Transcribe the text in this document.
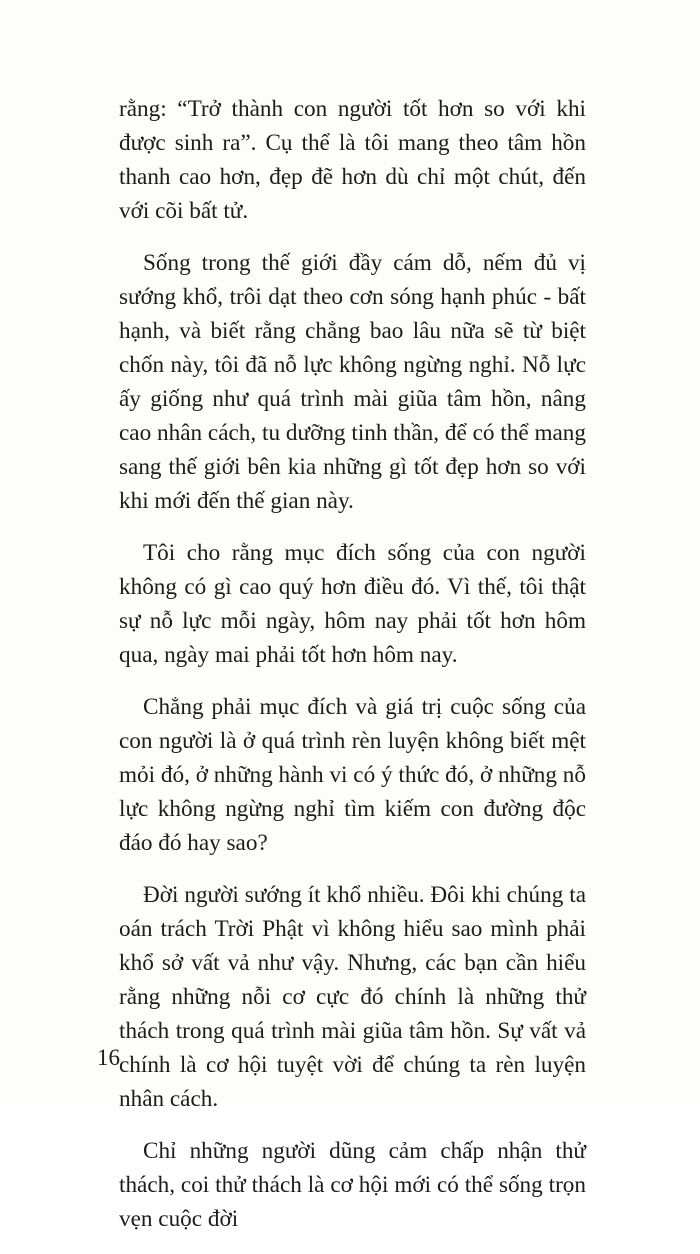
rằng: “Trở thành con người tốt hơn so với khi được sinh ra”. Cụ thể là tôi mang theo tâm hồn thanh cao hơn, đẹp đẽ hơn dù chỉ một chút, đến với cõi bất tử.

Sống trong thế giới đầy cám dỗ, nếm đủ vị sướng khổ, trôi dạt theo cơn sóng hạnh phúc - bất hạnh, và biết rằng chẳng bao lâu nữa sẽ từ biệt chốn này, tôi đã nỗ lực không ngừng nghỉ. Nỗ lực ấy giống như quá trình mài giũa tâm hồn, nâng cao nhân cách, tu dưỡng tinh thần, để có thể mang sang thế giới bên kia những gì tốt đẹp hơn so với khi mới đến thế gian này.

Tôi cho rằng mục đích sống của con người không có gì cao quý hơn điều đó. Vì thế, tôi thật sự nỗ lực mỗi ngày, hôm nay phải tốt hơn hôm qua, ngày mai phải tốt hơn hôm nay.

Chẳng phải mục đích và giá trị cuộc sống của con người là ở quá trình rèn luyện không biết mệt mỏi đó, ở những hành vi có ý thức đó, ở những nỗ lực không ngừng nghỉ tìm kiếm con đường độc đáo đó hay sao?

Đời người sướng ít khổ nhiều. Đôi khi chúng ta oán trách Trời Phật vì không hiểu sao mình phải khổ sở vất vả như vậy. Nhưng, các bạn cần hiểu rằng những nỗi cơ cực đó chính là những thử thách trong quá trình mài giũa tâm hồn. Sự vất vả chính là cơ hội tuyệt vời để chúng ta rèn luyện nhân cách.

Chỉ những người dũng cảm chấp nhận thử thách, coi thử thách là cơ hội mới có thể sống trọn vẹn cuộc đời

16
